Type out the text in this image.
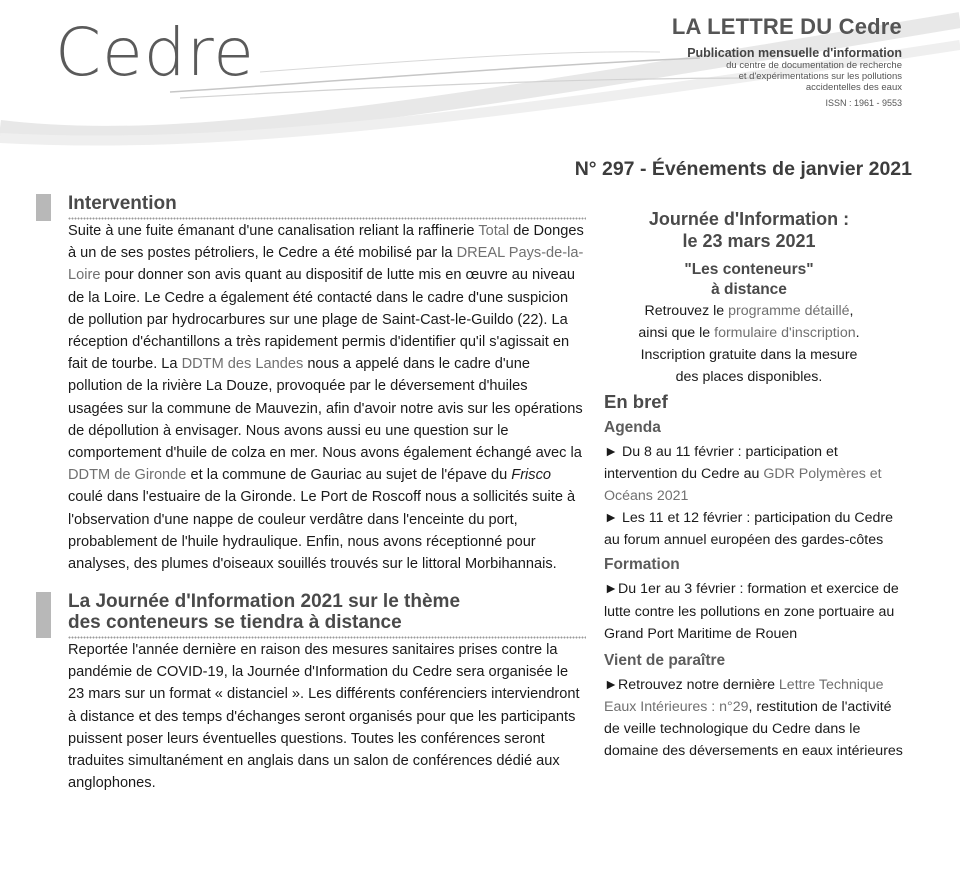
Cedre	LA LETTRE DU Cedre
Publication mensuelle d'information
du centre de documentation de recherche
et d'expérimentations sur les pollutions
accidentelles des eaux
ISSN : 1961 - 9553
N° 297 - Événements de janvier 2021
Intervention
Suite à une fuite émanant d'une canalisation reliant la raffinerie Total de Donges à un de ses postes pétroliers, le Cedre a été mobilisé par la DREAL Pays-de-la-Loire pour donner son avis quant au dispositif de lutte mis en œuvre au niveau de la Loire. Le Cedre a également été contacté dans le cadre d'une suspicion de pollution par hydrocarbures sur une plage de Saint-Cast-le-Guildo (22). La réception d'échantillons a très rapidement permis d'identifier qu'il s'agissait en fait de tourbe. La DDTM des Landes nous a appelé dans le cadre d'une pollution de la rivière La Douze, provoquée par le déversement d'huiles usagées sur la commune de Mauvezin, afin d'avoir notre avis sur les opérations de dépollution à envisager. Nous avons aussi eu une question sur le comportement d'huile de colza en mer. Nous avons également échangé avec la DDTM de Gironde et la commune de Gauriac au sujet de l'épave du Frisco coulé dans l'estuaire de la Gironde. Le Port de Roscoff nous a sollicités suite à l'observation d'une nappe de couleur verdâtre dans l'enceinte du port, probablement de l'huile hydraulique. Enfin, nous avons réceptionné pour analyses, des plumes d'oiseaux souillés trouvés sur le littoral Morbihannais.
La Journée d'Information 2021 sur le thème
des conteneurs se tiendra à distance
Reportée l'année dernière en raison des mesures sanitaires prises contre la pandémie de COVID-19, la Journée d'Information du Cedre sera organisée le 23 mars sur un format « distanciel ». Les différents conférenciers interviendront à distance et des temps d'échanges seront organisés pour que les participants puissent poser leurs éventuelles questions. Toutes les conférences seront traduites simultanément en anglais dans un salon de conférences dédié aux anglophones.
Journée d'Information :
le 23 mars 2021
"Les conteneurs"
à distance
Retrouvez le programme détaillé,
ainsi que le formulaire d'inscription.
Inscription gratuite dans la mesure
des places disponibles.
En bref
Agenda
► Du 8 au 11 février : participation et intervention du Cedre au GDR Polymères et Océans 2021
► Les 11 et 12 février : participation du Cedre au forum annuel européen des gardes-côtes
Formation
►Du 1er au 3 février : formation et exercice de lutte contre les pollutions en zone portuaire au Grand Port Maritime de Rouen
Vient de paraître
►Retrouvez notre dernière Lettre Technique Eaux Intérieures : n°29, restitution de l'activité de veille technologique du Cedre dans le domaine des déversements en eaux intérieures
